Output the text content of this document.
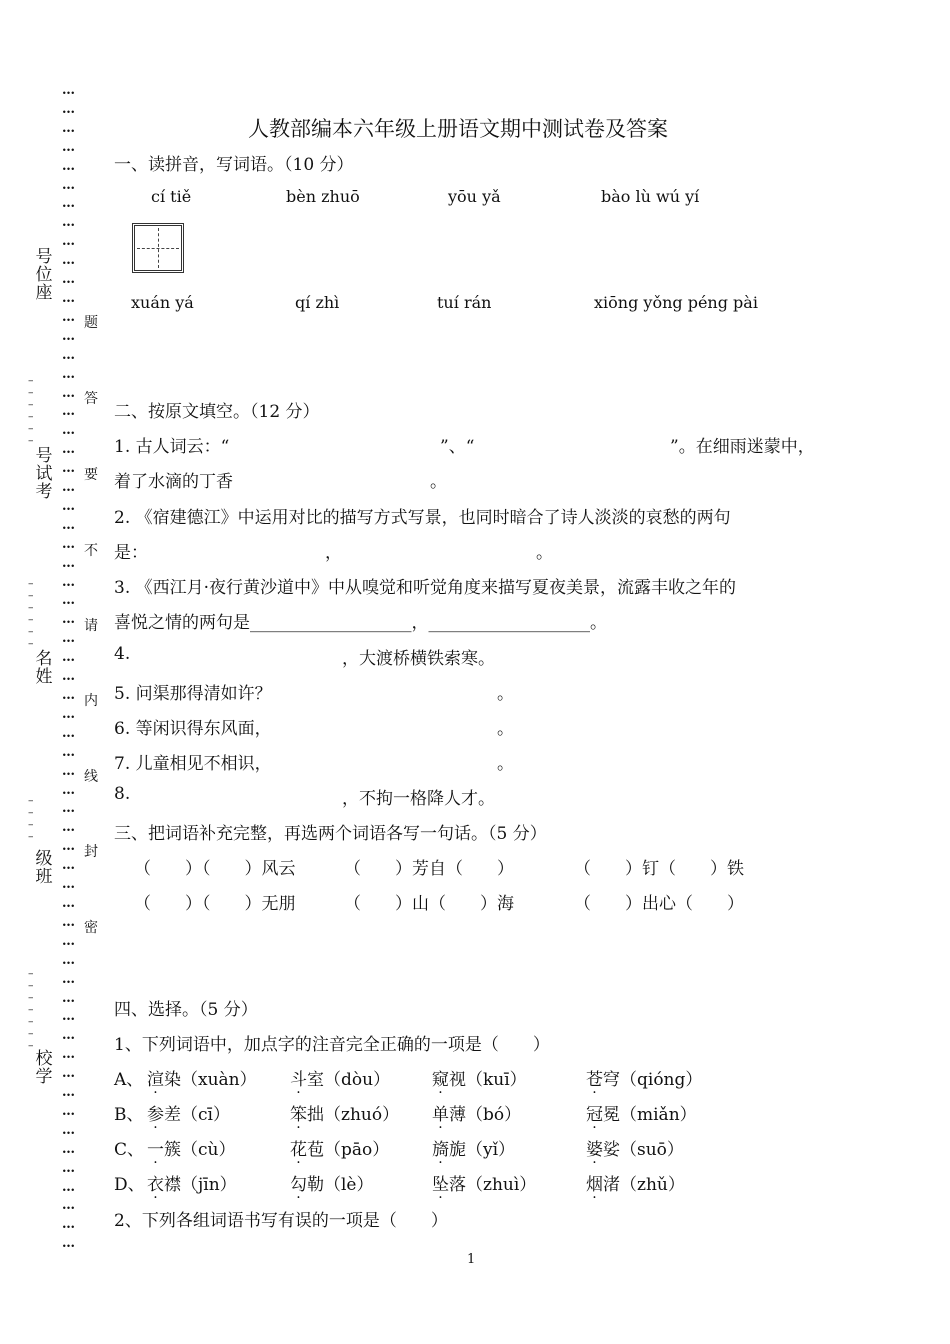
…
…
…
…
…
…
…
…
…
…
…
…
…
…
…
…
…
…
…
…
…
…
…
…
…
…
…
…
…
…
…
…
…
…
…
…
…
…
…
…
…
…
…
…
…
…
…
…
…
…
…
…
…
…
…
…
…
…
…
…
…
…
号
位
座
号
试
考
名
姓
级
班
校
学
–
–
–
–
–
–
–
–
–
–
–
–
–
–
–
–
–
–
–
–
–
–
–
题
答
要
不
请
内
线
封
密
人教部编本六年级上册语文期中测试卷及答案
一、读拼音，写词语。（10 分）
cí tiě	bèn zhuō	yōu yǎ	bào lù wú yí
xuán yá	qí zhì	tuí rán	xiōng yǒng péng pài
二、按原文填空。（12 分）
1. 古人词云：“	”、“	”。在细雨迷蒙中，
着了水滴的丁香	。
2. 《宿建德江》中运用对比的描写方式写景，也同时暗合了诗人淡淡的哀愁的两句
是：	，	。
3. 《西江月·夜行黄沙道中》中从嗅觉和听觉角度来描写夏夜美景，流露丰收之年的
喜悦之情的两句是___________________，___________________。
4.	，大渡桥横铁索寒。
5. 问渠那得清如许？	。
6. 等闲识得东风面，	。
7. 儿童相见不相识，	。
8.	，不拘一格降人才。
三、把词语补充完整，再选两个词语各写一句话。（5 分）
（　　）（　　）风云	（　　）芳自（　　）	（　　）钉（　　）铁
（　　）（　　）无朋	（　　）山（　　）海	（　　）出心（　　）
四、选择。（5 分）
1、下列词语中，加点字的注音完全正确的一项是（　　）
A、 渲染（xuàn） 斗室（dòu） 窥视（kuī）	苍穹（qióng）
B、 参差（cī）	笨拙（zhuó） 单薄（bó）	冠冕（miǎn）
C、 一簇（cù）	花苞（pāo）	旖旎（yǐ）	婆娑（suō）
D、 衣襟（jīn）	勾勒（lè）	坠落（zhuì）	烟渚（zhǔ）
2、下列各组词语书写有误的一项是（　　）
1
